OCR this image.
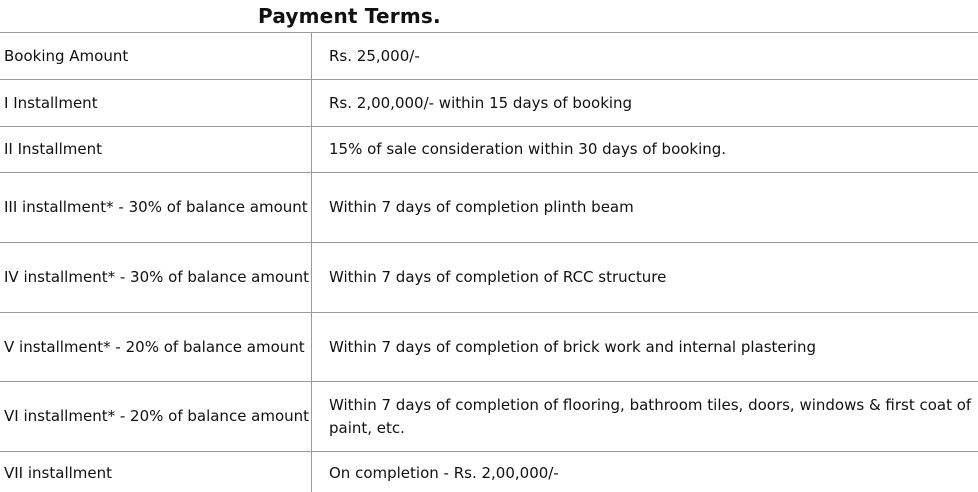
Payment Terms.
Booking Amount	Rs. 25,000/-
I Installment	Rs. 2,00,000/- within 15 days of booking
II Installment	15% of sale consideration within 30 days of booking.
III installment* - 30% of balance amount	Within 7 days of completion plinth beam
IV installment* - 30% of balance amount	Within 7 days of completion of RCC structure
V installment* - 20% of balance amount	Within 7 days of completion of brick work and internal plastering
VI installment* - 20% of balance amount	Within 7 days of completion of flooring, bathroom tiles, doors, windows & first coat of paint, etc.
VII installment	On completion - Rs. 2,00,000/-
